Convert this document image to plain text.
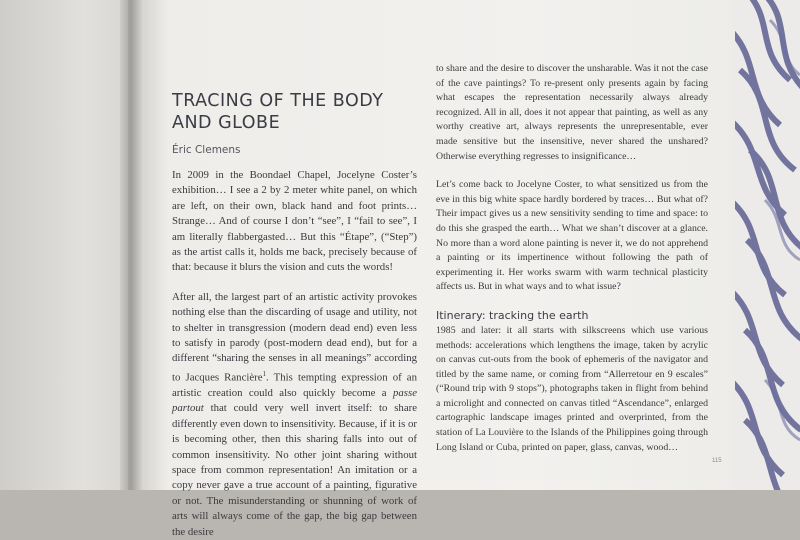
TRACING OF THE BODY
AND GLOBE
Éric Clemens

In 2009 in the Boondael Chapel, Jocelyne Coster’s exhibition… I see a 2 by 2 meter white panel, on which are left, on their own, black hand and foot prints… Strange… And of course I don’t “see”, I “fail to see”, I am literally flabbergasted… But this “Étape”, (“Step”) as the artist calls it, holds me back, precisely because of that: because it blurs the vision and cuts the words!

After all, the largest part of an artistic activity provokes nothing else than the discarding of usage and utility, not to shelter in transgression (modern dead end) even less to satisfy in parody (post-modern dead end), but for a different “sharing the senses in all meanings” according to Jacques Rancière$^1$. This tempting expression of an artistic creation could also quickly become a passe partout that could very well invert itself: to share differently even down to insensitivity. Because, if it is or is becoming other, then this sharing falls into out of common insensitivity. No other joint sharing without space from common representation! An imitation or a copy never gave a true account of a painting, figurative or not. The misunderstanding or shunning of work of arts will always come of the gap, the big gap between the desire

to share and the desire to discover the unsharable. Was it not the case of the cave paintings? To re-present only presents again by facing what escapes the representation necessarily always already recognized. All in all, does it not appear that painting, as well as any worthy creative art, always represents the unrepresentable, ever made sensitive but the insensitive, never shared the unshared? Otherwise everything regresses to insignificance…

Let’s come back to Jocelyne Coster, to what sensitized us from the eve in this big white space hardly bordered by traces… But what of? Their impact gives us a new sensitivity sending to time and space: to do this she grasped the earth… What we shan’t discover at a glance. No more than a word alone painting is never it, we do not apprehend a painting or its impertinence without following the path of experimenting it. Her works swarm with warm technical plasticity affects us. But in what ways and to what issue?

Itinerary: tracking the earth

1985 and later: it all starts with silkscreens which use various methods: accelerations which lengthens the image, taken by acrylic on canvas cut-outs from the book of ephemeris of the navigator and titled by the same name, or coming from “Allerretour en 9 escales” (“Round trip with 9 stops”), photographs taken in flight from behind a microlight and connected on canvas titled “Ascendance”, enlarged cartographic landscape images printed and overprinted, from the station of La Louvière to the Islands of the Philippines going through Long Island or Cuba, printed on paper, glass, canvas, wood…

115
